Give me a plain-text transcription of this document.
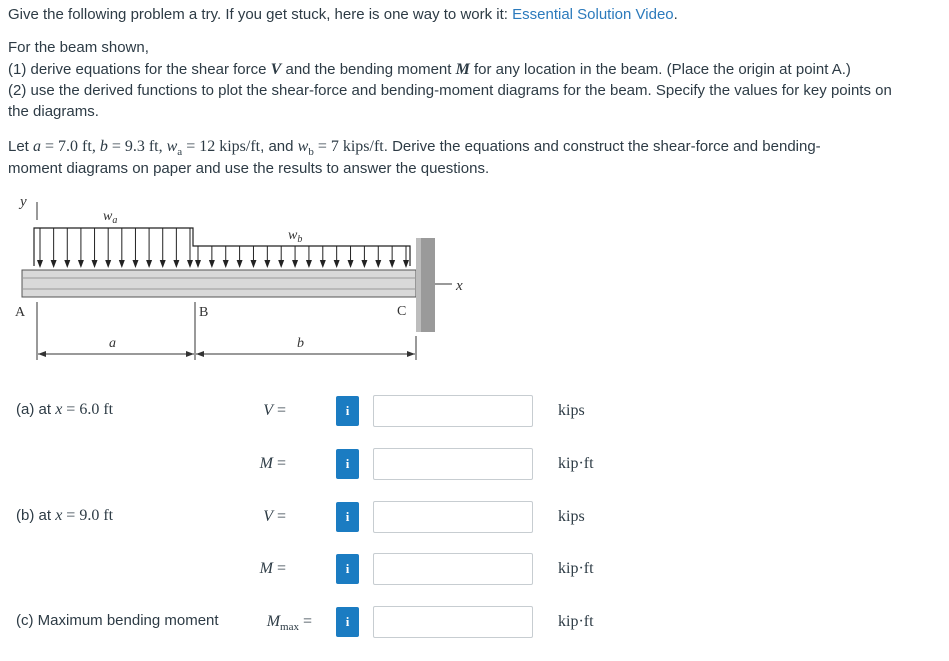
Give the following problem a try. If you get stuck, here is one way to work it: Essential Solution Video.

For the beam shown,

(1) derive equations for the shear force V and the bending moment M for any location in the beam. (Place the origin at point A.)

(2) use the derived functions to plot the shear-force and bending-moment diagrams for the beam. Specify the values for key points on

the diagrams.

Let a = 7.0 ft, b = 9.3 ft, $w_a = 12$ kips/ft, and $w_b = 7$ kips/ft. Derive the equations and construct the shear-force and bending-

moment diagrams on paper and use the results to answer the questions.

y
$w_a$
$w_b$
x
A	B	C
a	b
(a) at x = 6.0 ft	V =	i	kips
M =	i	kip·ft
(b) at x = 9.0 ft	V =	i	kips
M =	i	kip·ft
(c) Maximum bending moment	$M_{max}$ =	i	kip·ft
